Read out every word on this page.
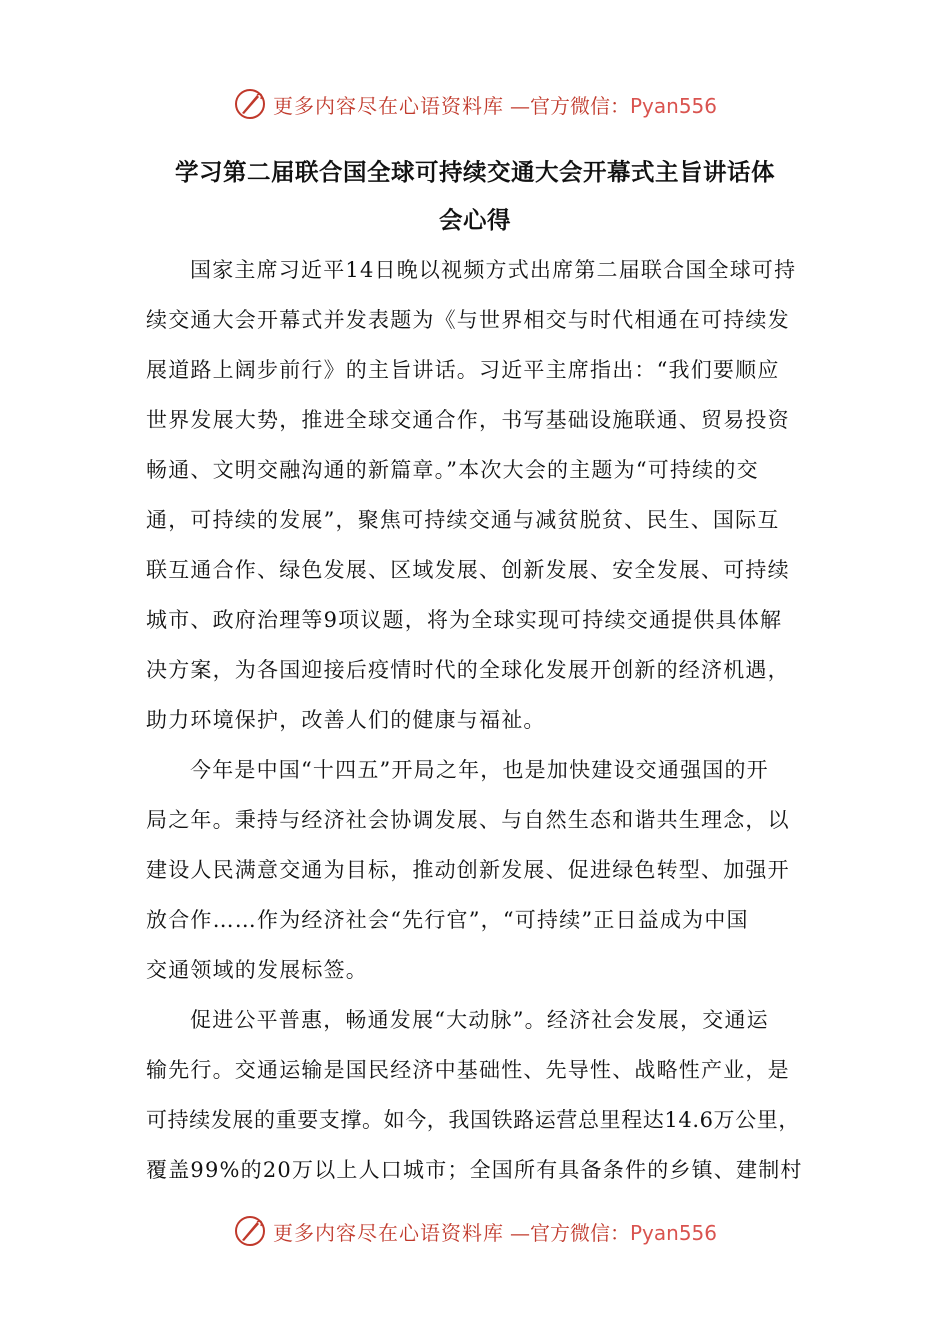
更多内容尽在心语资料库 —官方微信：Pyan556
学习第二届联合国全球可持续交通大会开幕式主旨讲话体
会心得
国家主席习近平14日晚以视频方式出席第二届联合国全球可持
续交通大会开幕式并发表题为《与世界相交与时代相通在可持续发
展道路上阔步前行》的主旨讲话。习近平主席指出：“我们要顺应
世界发展大势，推进全球交通合作，书写基础设施联通、贸易投资
畅通、文明交融沟通的新篇章。”本次大会的主题为“可持续的交
通，可持续的发展”，聚焦可持续交通与减贫脱贫、民生、国际互
联互通合作、绿色发展、区域发展、创新发展、安全发展、可持续
城市、政府治理等9项议题，将为全球实现可持续交通提供具体解
决方案，为各国迎接后疫情时代的全球化发展开创新的经济机遇，
助力环境保护，改善人们的健康与福祉。
今年是中国“十四五”开局之年，也是加快建设交通强国的开
局之年。秉持与经济社会协调发展、与自然生态和谐共生理念，以
建设人民满意交通为目标，推动创新发展、促进绿色转型、加强开
放合作……作为经济社会“先行官”，“可持续”正日益成为中国
交通领域的发展标签。
促进公平普惠，畅通发展“大动脉”。经济社会发展，交通运
输先行。交通运输是国民经济中基础性、先导性、战略性产业，是
可持续发展的重要支撑。如今，我国铁路运营总里程达14.6万公里，
覆盖99%的20万以上人口城市；全国所有具备条件的乡镇、建制村
更多内容尽在心语资料库 —官方微信：Pyan556
